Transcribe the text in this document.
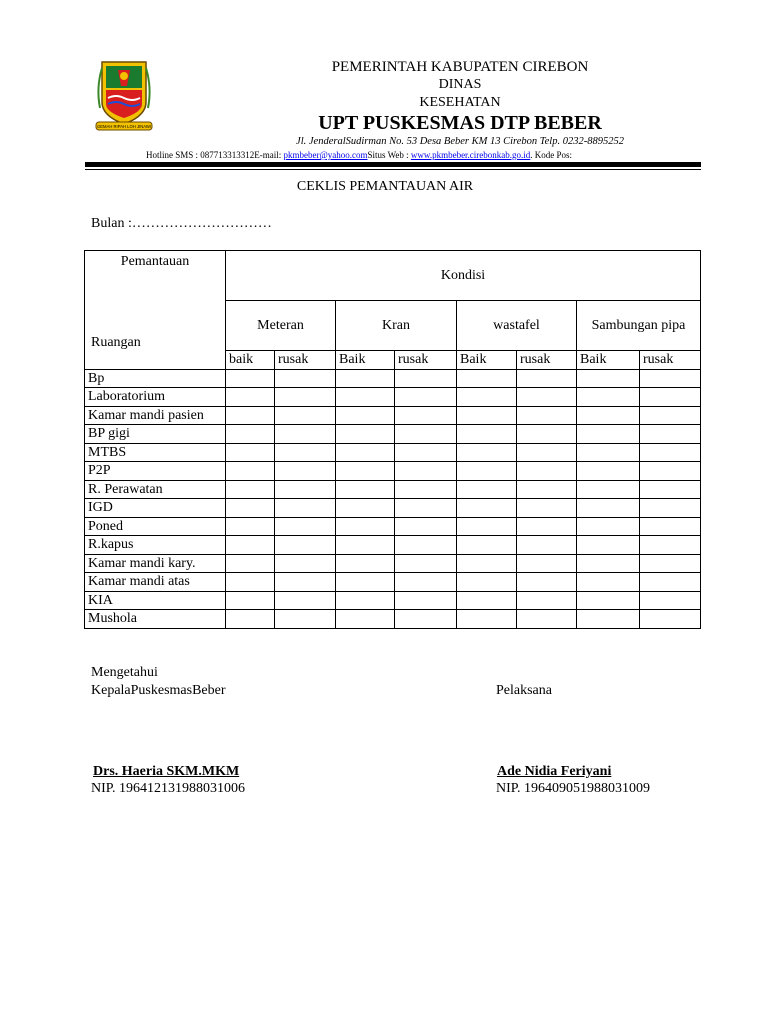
GEMAH RIPAH LOH JINAWI
PEMERINTAH KABUPATEN CIREBON
DINAS
KESEHATAN
UPT PUSKESMAS DTP BEBER
Jl. JenderalSudirman No. 53 Desa Beber KM 13 Cirebon Telp. 0232-8895252
Hotline SMS : 087713313312E-mail: pkmbeber@yahoo.comSitus Web : www.pkmbeber.cirebonkab.go.id. Kode Pos:
CEKLIS PEMANTAUAN AIR
Bulan :…………………………
Pemantauan
Ruangan	Kondisi							
	Meteran		Kran		wastafel		Sambungan pipa	
	baik	rusak	Baik	rusak	Baik	rusak	Baik	rusak
Bp								
Laboratorium								
Kamar mandi pasien								
BP gigi								
MTBS								
P2P								
R. Perawatan								
IGD								
Poned								
R.kapus								
Kamar mandi kary.								
Kamar mandi atas								
KIA								
Mushola								
Mengetahui
KepalaPuskesmasBeber	Pelaksana
Drs. Haeria SKM.MKM
NIP. 196412131988031006
Ade Nidia Feriyani
NIP. 196409051988031009
